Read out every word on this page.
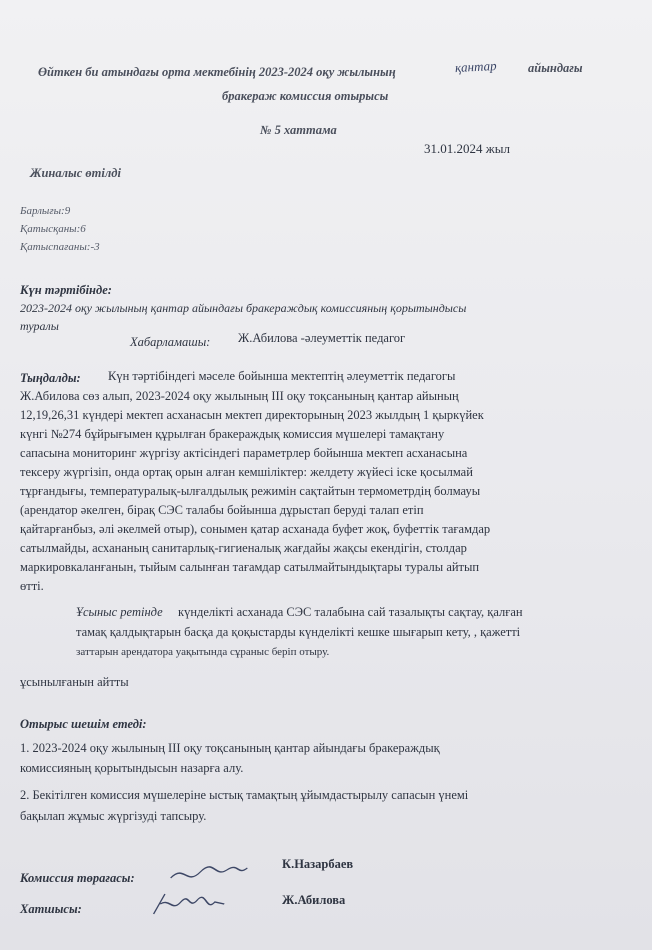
Өйткен би атындағы орта мектебінің 2023-2024 оқу жылының	қантар айындағы
бракераж комиссия отырысы
№ 5 хаттама
31.01.2024 жыл
Жиналыс өтілді
Барлығы:9
Қатысқаны:6
Қатыспағаны:-3
Күн тәртібінде:
2023-2024 оқу жылының қантар айындағы бракераждық комиссияның қорытындысы
туралы
Хабарламашы: Ж.Абилова -әлеуметтік педагог
Тыңдалды: Күн тәртібіндегі мәселе бойынша мектептің әлеуметтік педагогы
Ж.Абилова сөз алып, 2023-2024 оқу жылының III оқу тоқсанының қантар айының
12,19,26,31 күндері мектеп асханасын мектеп директорының 2023 жылдың 1 қыркүйек
күнгі №274 бұйрығымен құрылған бракераждық комиссия мүшелері тамақтану
сапасына мониторинг жүргізу актісіндегі параметрлер бойынша мектеп асханасына
тексеру жүргізіп, онда ортақ орын алған кемшіліктер: желдету жүйесі іске қосылмай
тұрғандығы, температуралық-ылғалдылық режимін сақтайтын термометрдің болмауы
(арендатор әкелген, бірақ СЭС талабы бойынша дұрыстап беруді талап етіп
қайтарғанбыз, әлі әкелмей отыр), сонымен қатар асханада буфет жоқ, буфеттік тағамдар
сатылмайды, асхананың санитарлық-гигиеналық жағдайы жақсы екендігін, столдар
маркировкаланғанын, тыйым салынған тағамдар сатылмайтындықтары туралы айтып
өтті.
Ұсыныс ретінде күнделікті асханада СЭС талабына сай тазалықты сақтау, қалған
тамақ қалдықтарын басқа да қоқыстарды күнделікті кешке шығарып кету, , қажетті
заттарын арендатора уақытында сұраныс беріп отыру.
ұсынылғанын айтты
Отырыс шешім етеді:
1. 2023-2024 оқу жылының III оқу тоқсанының қантар айындағы бракераждық
комиссияның қорытындысын назарға алу.
2. Бекітілген комиссия мүшелеріне ыстық тамақтың ұйымдастырылу сапасын үнемі
бақылап жұмыс жүргізуді тапсыру.
Комиссия төрағасы:
К.Назарбаев
Хатшысы:
Ж.Абилова
